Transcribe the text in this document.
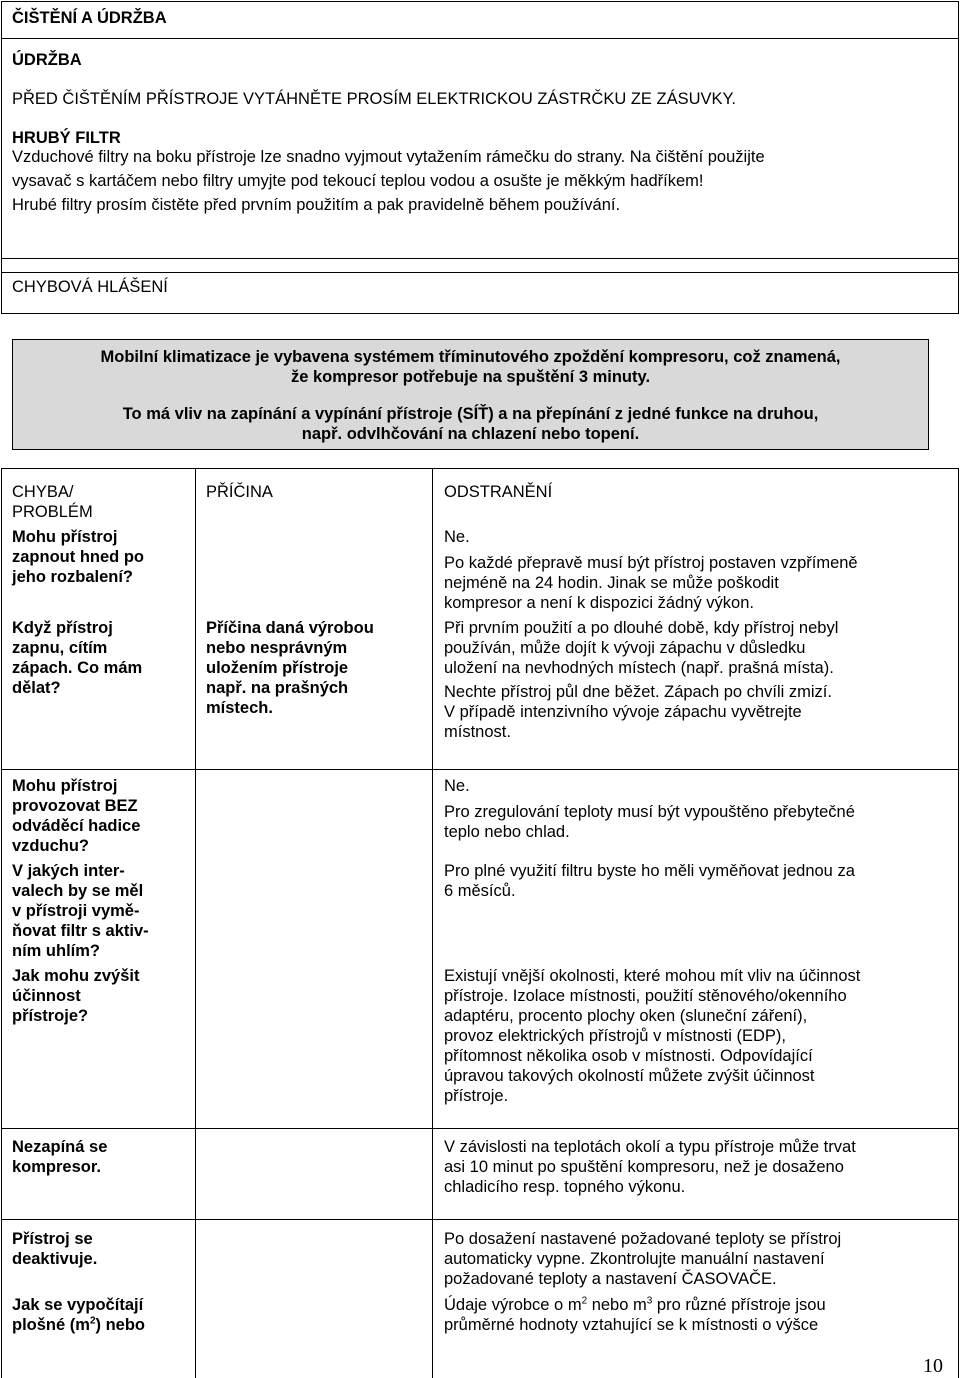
ČIŠTĚNÍ A ÚDRŽBA
ÚDRŽBA
PŘED ČIŠTĚNÍM PŘÍSTROJE VYTÁHNĚTE PROSÍM ELEKTRICKOU ZÁSTRČKU ZE ZÁSUVKY.
HRUBÝ FILTR
Vzduchové filtry na boku přístroje lze snadno vyjmout vytažením rámečku do strany. Na čištění použijte
vysavač s kartáčem nebo filtry umyjte pod tekoucí teplou vodou a osušte je měkkým hadříkem!
Hrubé filtry prosím čistěte před prvním použitím a pak pravidelně během používání.
CHYBOVÁ HLÁŠENÍ
Mobilní klimatizace je vybavena systémem tříminutového zpoždění kompresoru, což znamená,
že kompresor potřebuje na spuštění 3 minuty.
To má vliv na zapínání a vypínání přístroje (SÍŤ) a na přepínání z jedné funkce na druhou,
např. odvlhčování na chlazení nebo topení.
CHYBA/
PROBLÉM
PŘÍČINA	ODSTRANĚNÍ
Mohu přístroj
zapnout hned po
jeho rozbalení?
Ne.
Po každé přepravě musí být přístroj postaven vzpřímeně
nejméně na 24 hodin. Jinak se může poškodit
kompresor a není k dispozici žádný výkon.
Když přístroj
zapnu, cítím
zápach. Co mám
dělat?
Příčina daná výrobou
nebo nesprávným
uložením přístroje
např. na prašných
místech.
Při prvním použití a po dlouhé době, kdy přístroj nebyl
používán, může dojít k vývoji zápachu v důsledku
uložení na nevhodných místech (např. prašná místa).
Nechte přístroj půl dne běžet. Zápach po chvíli zmizí.
V případě intenzivního vývoje zápachu vyvětrejte
místnost.
Mohu přístroj
provozovat BEZ
odváděcí hadice
vzduchu?
Ne.
Pro zregulování teploty musí být vypouštěno přebytečné
teplo nebo chlad.
V jakých inter-
valech by se měl
v přístroji vymě-
ňovat filtr s aktiv-
ním uhlím?
Pro plné využití filtru byste ho měli vyměňovat jednou za
6 měsíců.
Jak mohu zvýšit
účinnost
přístroje?
Existují vnější okolnosti, které mohou mít vliv na účinnost
přístroje. Izolace místnosti, použití stěnového/okenního
adaptéru, procento plochy oken (sluneční záření),
provoz elektrických přístrojů v místnosti (EDP),
přítomnost několika osob v místnosti. Odpovídající
úpravou takových okolností můžete zvýšit účinnost
přístroje.
Nezapíná se
kompresor.
V závislosti na teplotách okolí a typu přístroje může trvat
asi 10 minut po spuštění kompresoru, než je dosaženo
chladicího resp. topného výkonu.
Přístroj se
deaktivuje.
Po dosažení nastavené požadované teploty se přístroj
automaticky vypne. Zkontrolujte manuální nastavení
požadované teploty a nastavení ČASOVAČE.
Jak se vypočítají
plošné $(m^2)$ nebo
Údaje výrobce o $m^2$ nebo $m^3$ pro různé přístroje jsou
průměrné hodnoty vztahující se k místnosti o výšce
10
